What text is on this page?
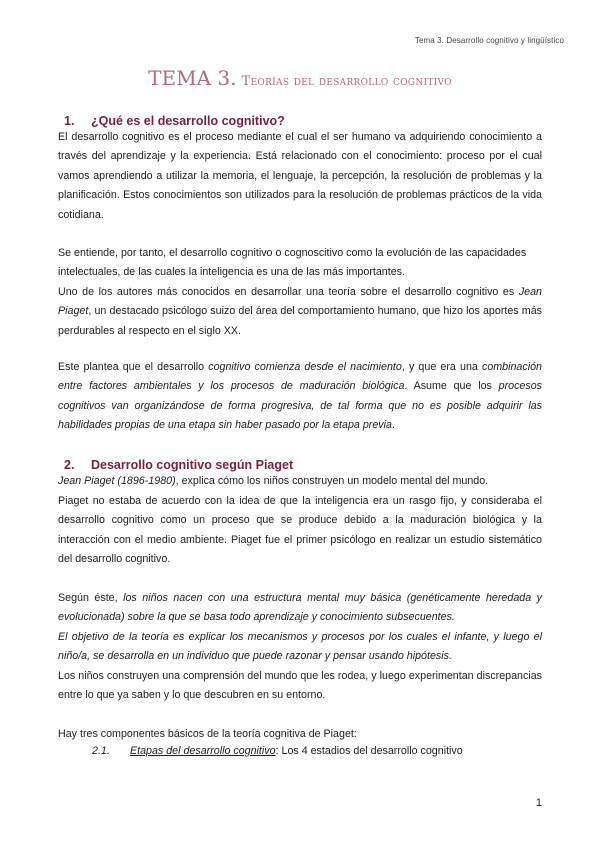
Tema 3. Desarrollo cognitivo y lingüístico
TEMA 3. Teorías del desarrollo cognitivo
1. ¿Qué es el desarrollo cognitivo?

El desarrollo cognitivo es el proceso mediante el cual el ser humano va adquiriendo conocimiento a través del aprendizaje y la experiencia. Está relacionado con el conocimiento: proceso por el cual vamos aprendiendo a utilizar la memoria, el lenguaje, la percepción, la resolución de problemas y la planificación. Estos conocimientos son utilizados para la resolución de problemas prácticos de la vida cotidiana.

Se entiende, por tanto, el desarrollo cognitivo o cognoscitivo como la evolución de las capacidades intelectuales, de las cuales la inteligencia es una de las más importantes.

Uno de los autores más conocidos en desarrollar una teoría sobre el desarrollo cognitivo es Jean Piaget, un destacado psicólogo suizo del área del comportamiento humano, que hizo los aportes más perdurables al respecto en el siglo XX.

Este plantea que el desarrollo cognitivo comienza desde el nacimiento, y que era una combinación entre factores ambientales y los procesos de maduración biológica. Asume que los procesos cognitivos van organizándose de forma progresiva, de tal forma que no es posible adquirir las habilidades propias de una etapa sin haber pasado por la etapa previa.

2. Desarrollo cognitivo según Piaget

Jean Piaget (1896-1980), explica cómo los niños construyen un modelo mental del mundo.

Piaget no estaba de acuerdo con la idea de que la inteligencia era un rasgo fijo, y consideraba el desarrollo cognitivo como un proceso que se produce debido a la maduración biológica y la interacción con el medio ambiente. Piaget fue el primer psicólogo en realizar un estudio sistemático del desarrollo cognitivo.

Según éste, los niños nacen con una estructura mental muy básica (genéticamente heredada y evolucionada) sobre la que se basa todo aprendizaje y conocimiento subsecuentes.

El objetivo de la teoría es explicar los mecanismos y procesos por los cuales el infante, y luego el niño/a, se desarrolla en un individuo que puede razonar y pensar usando hipótesis.

Los niños construyen una comprensión del mundo que les rodea, y luego experimentan discrepancias entre lo que ya saben y lo que descubren en su entorno.

Hay tres componentes básicos de la teoría cognitiva de Piaget:

2.1. Etapas del desarrollo cognitivo: Los 4 estadios del desarrollo cognitivo
1
